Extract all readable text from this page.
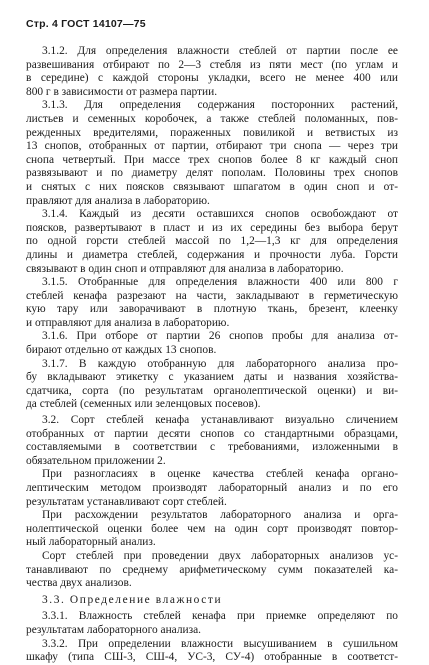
Стр. 4 ГОСТ 14107—75
3.1.2. Для определения влажности стеблей от партии после ее
развешивания отбирают по 2—3 стебля из пяти мест (по углам и
в середине) с каждой стороны укладки, всего не менее 400 или
800 г в зависимости от размера партии.
3.1.3. Для определения содержания посторонних растений,
листьев и семенных коробочек, а также стеблей поломанных, пов-
режденных вредителями, пораженных повиликой и ветвистых из
13 снопов, отобранных от партии, отбирают три снопа — через три
снопа четвертый. При массе трех снопов более 8 кг каждый сноп
развязывают и по диаметру делят пополам. Половины трех снопов
и снятых с них поясков связывают шпагатом в один сноп и от-
правляют для анализа в лабораторию.
3.1.4. Каждый из десяти оставшихся снопов освобождают от
поясков, развертывают в пласт и из их середины без выбора берут
по одной горсти стеблей массой по 1,2—1,3 кг для определения
длины и диаметра стеблей, содержания и прочности луба. Горсти
связывают в один сноп и отправляют для анализа в лабораторию.
3.1.5. Отобранные для определения влажности 400 или 800 г
стеблей кенафа разрезают на части, закладывают в герметическую
кую тару или заворачивают в плотную ткань, брезент, клеенку
и отправляют для анализа в лабораторию.
3.1.6. При отборе от партии 26 снопов пробы для анализа от-
бирают отдельно от каждых 13 снопов.
3.1.7. В каждую отобранную для лабораторного анализа про-
бу вкладывают этикетку с указанием даты и названия хозяйства-
сдатчика, сорта (по результатам органолептической оценки) и ви-
да стеблей (семенных или зеленцовых посевов).
3.2. Сорт стеблей кенафа устанавливают визуально сличением
отобранных от партии десяти снопов со стандартными образцами,
составляемыми в соответствии с требованиями, изложенными в
обязательном приложении 2.
При разногласиях в оценке качества стеблей кенафа органо-
лептическим методом производят лабораторный анализ и по его
результатам устанавливают сорт стеблей.
При расхождении результатов лабораторного анализа и орга-
нолептической оценки более чем на один сорт производят повтор-
ный лабораторный анализ.
Сорт стеблей при проведении двух лабораторных анализов ус-
танавливают по среднему арифметическому сумм показателей ка-
чества двух анализов.
3.3. Определение влажности
3.3.1. Влажность стеблей кенафа при приемке определяют по
результатам лабораторного анализа.
3.3.2. При определении влажности высушиванием в сушильном
шкафу (типа СШ-3, СШ-4, УС-3, СУ-4) отобранные в соответст-
